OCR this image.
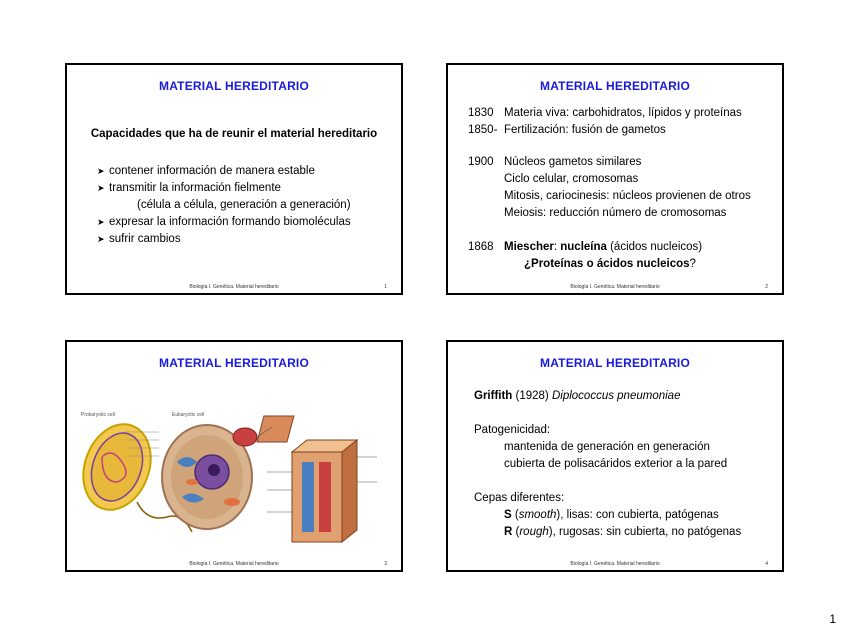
MATERIAL HEREDITARIO
Capacidades que ha de reunir el material hereditario
➤ contener información de manera estable
➤ transmitir la información fielmente
(célula a célula, generación a generación)
➤ expresar la información formando biomoléculas
➤ sufrir cambios
Biología I. Genética. Material hereditario	1
MATERIAL HEREDITARIO
1830 Materia viva: carbohidratos, lípidos y proteínas
1850- Fertilización: fusión de gametos
1900 Núcleos gametos similares
Ciclo celular, cromosomas
Mitosis, cariocinesis: núcleos provienen de otros
Meiosis: reducción número de cromosomas
1868 Miescher: nucleína (ácidos nucleicos)
¿Proteínas o ácidos nucleicos?
Biología I. Genética. Material hereditario	2
MATERIAL HEREDITARIO
Prokaryotic cell	Eukaryotic cell
Biología I. Genética. Material hereditario	3
MATERIAL HEREDITARIO
Griffith (1928) Diplococcus pneumoniae
Patogenicidad:
mantenida de generación en generación
cubierta de polisacáridos exterior a la pared
Cepas diferentes:
S (smooth), lisas: con cubierta, patógenas
R (rough), rugosas: sin cubierta, no patógenas
Biología I. Genética. Material hereditario	4
1
